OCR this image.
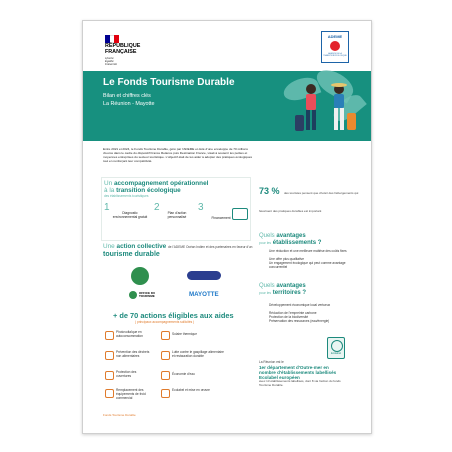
RÉPUBLIQUE
FRANÇAISE
Liberté
Égalité
Fraternité
ADEME
AGENCE DE LA TRANSITION ÉCOLOGIQUE
Le Fonds Tourisme Durable
Bilan et chiffres clés
La Réunion - Mayotte
Entre 2021 et 2024, le Fonds Tourisme Durable, géré par l'ADEME et doté d'une enveloppe de 70 millions d'euros dans le cadre du dispositif France Relance puis Destination France, visait à soutenir les petites et moyennes entreprises du secteur touristique. L'objectif était de les aider à adopter des pratiques écologiques tout en renforçant leur compétitivité.
Un accompagnement opérationnel
à la transition écologique
des établissements touristiques
1	Diagnostic environnemental gratuit
2	Plan d'action personnalisé
3
Financement
73 % des touristes pensent que choisir des hébergements qui favorisent des pratiques durables est important
Une action collective de l'ADEME Océan Indien et des partenaires en faveur d'un tourisme durable
OFFICE DU TOURISME	MAYOTTE
Quels avantages
pour les établissements ?
Une réduction et une meilleure maîtrise des coûts fixes
Une offre plus qualitative
Un engagement écologique qui peut comme avantage concurrentiel
Quels avantages
pour les territoires ?
Développement économique local vertueux
Réduction de l'empreinte carbone
Protection de la biodiversité
Préservation des ressources (eau/énergie)
+ de 70 actions éligibles aux aides
( principaux accompagnements sollicités )
Photovoltaïque en autoconsommation
Prévention des déchets non alimentaires
Protection des ouvertures
Remplacement des équipements de froid commercial
Solaire thermique
Lutte contre le gaspillage alimentaire et restauration durable
Économie d'eau
Ecolabel et mise en œuvre
Ecolabel
La Réunion est le
1er département d'Outre-mer en nombre d'établissements labellisés Ecolabel européen
avec 13 établissements labellisés, dont 8 via l'action du fonds Tourisme Durable.
Fonds Tourisme Durable
